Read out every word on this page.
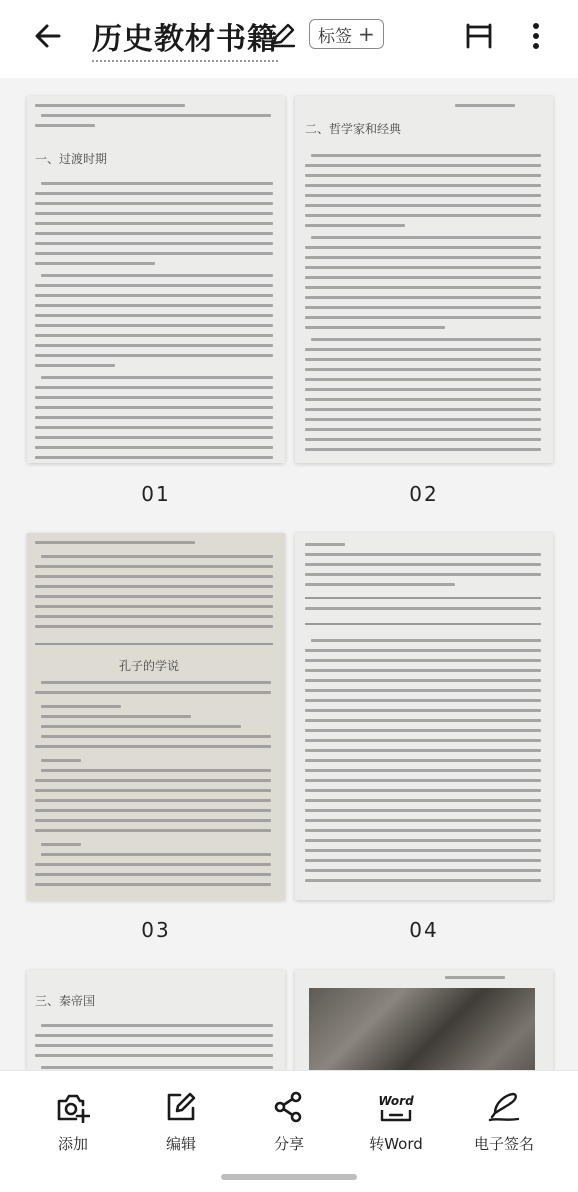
历史教材书籍 标签 +
一、过渡时期
01
二、哲学家和经典
02
孔子的学说
03	04
三、秦帝国
添加	编辑	分享
Word
转Word	电子签名
